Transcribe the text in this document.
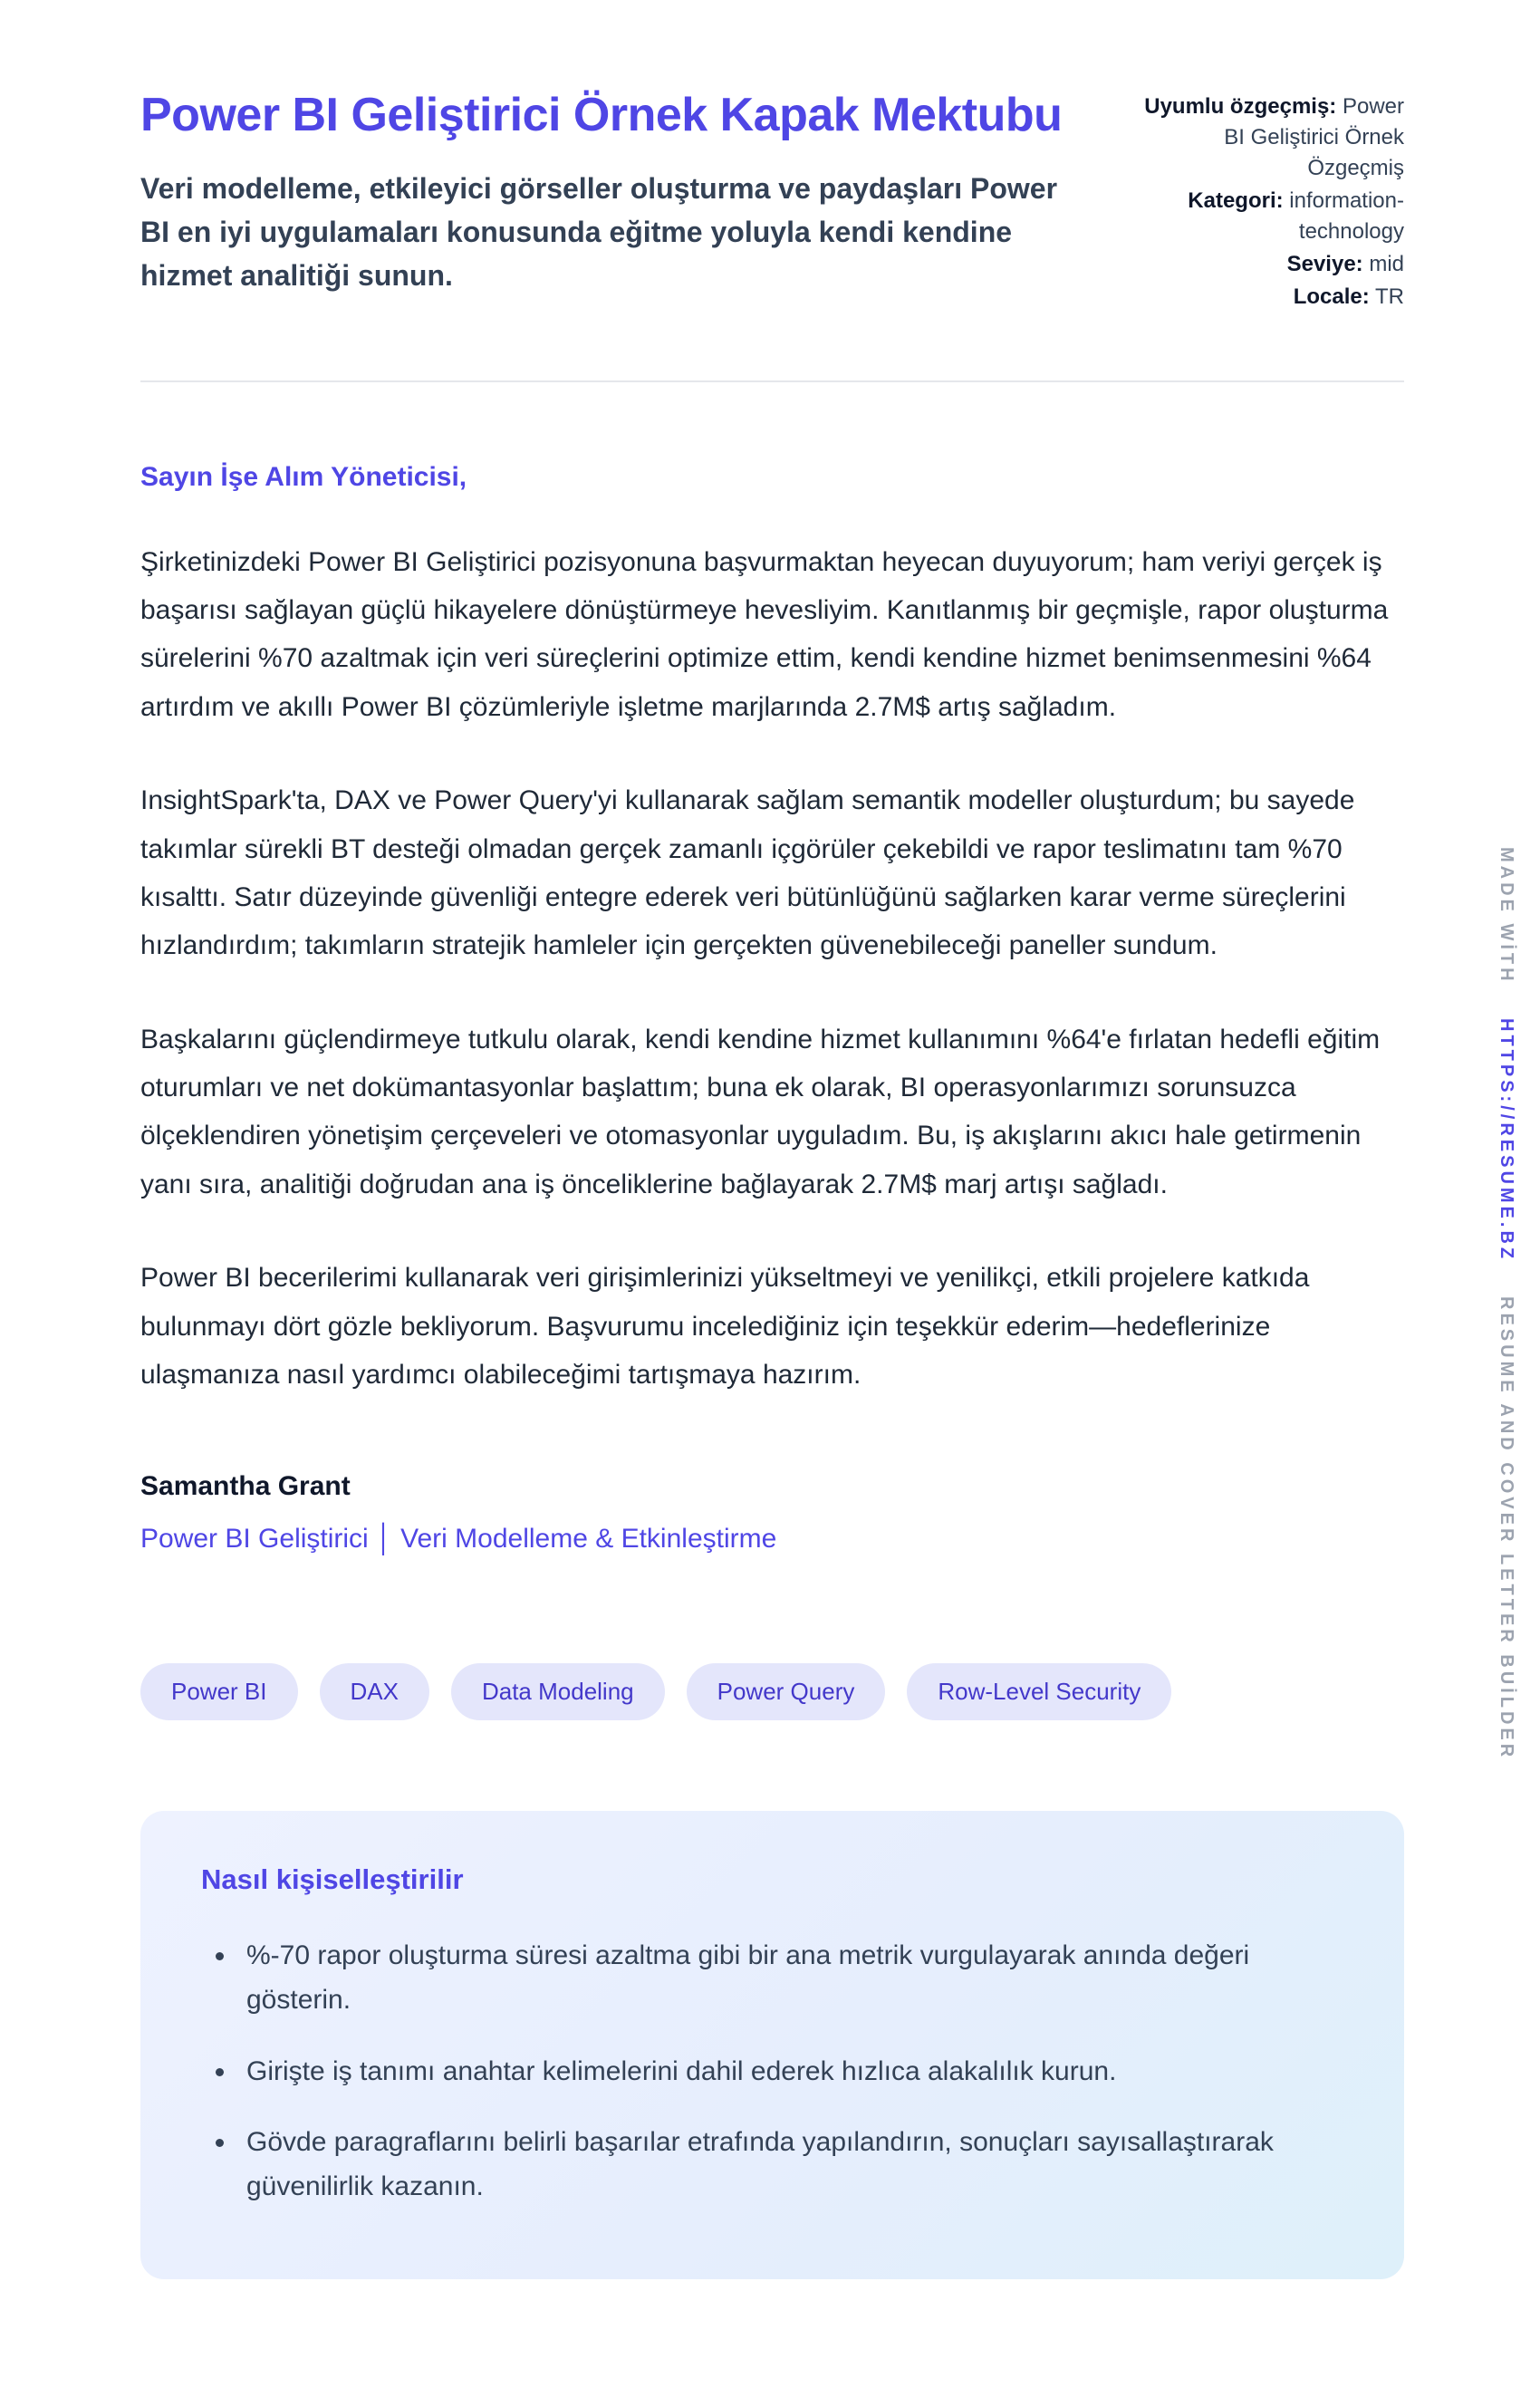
Power BI Geliştirici Örnek Kapak Mektubu

Veri modelleme, etkileyici görseller oluşturma ve paydaşları Power BI en iyi uygulamaları konusunda eğitme yoluyla kendi kendine hizmet analitiği sunun.

Uyumlu özgeçmiş: Power BI Geliştirici Örnek Özgeçmiş
Kategori: information-technology
Seviye: mid
Locale: TR

Sayın İşe Alım Yöneticisi,

Şirketinizdeki Power BI Geliştirici pozisyonuna başvurmaktan heyecan duyuyorum; ham veriyi gerçek iş başarısı sağlayan güçlü hikayelere dönüştürmeye hevesliyim. Kanıtlanmış bir geçmişle, rapor oluşturma sürelerini %70 azaltmak için veri süreçlerini optimize ettim, kendi kendine hizmet benimsenmesini %64 artırdım ve akıllı Power BI çözümleriyle işletme marjlarında 2.7M$ artış sağladım.

InsightSpark'ta, DAX ve Power Query'yi kullanarak sağlam semantik modeller oluşturdum; bu sayede takımlar sürekli BT desteği olmadan gerçek zamanlı içgörüler çekebildi ve rapor teslimatını tam %70 kısalttı. Satır düzeyinde güvenliği entegre ederek veri bütünlüğünü sağlarken karar verme süreçlerini hızlandırdım; takımların stratejik hamleler için gerçekten güvenebileceği paneller sundum.

Başkalarını güçlendirmeye tutkulu olarak, kendi kendine hizmet kullanımını %64'e fırlatan hedefli eğitim oturumları ve net dokümantasyonlar başlattım; buna ek olarak, BI operasyonlarımızı sorunsuzca ölçeklendiren yönetişim çerçeveleri ve otomasyonlar uyguladım. Bu, iş akışlarını akıcı hale getirmenin yanı sıra, analitiği doğrudan ana iş önceliklerine bağlayarak 2.7M$ marj artışı sağladı.

Power BI becerilerimi kullanarak veri girişimlerinizi yükseltmeyi ve yenilikçi, etkili projelere katkıda bulunmayı dört gözle bekliyorum. Başvurumu incelediğiniz için teşekkür ederim—hedeflerinize ulaşmanıza nasıl yardımcı olabileceğimi tartışmaya hazırım.

Samantha Grant

Power BI Geliştirici │ Veri Modelleme & Etkinleştirme

Power BI	DAX	Data Modeling	Power Query	Row-Level Security
Nasıl kişiselleştirilir
• %-70 rapor oluşturma süresi azaltma gibi bir ana metrik vurgulayarak anında değeri gösterin.
• Girişte iş tanımı anahtar kelimelerini dahil ederek hızlıca alakalılık kurun.
• Gövde paragraflarını belirli başarılar etrafında yapılandırın, sonuçları sayısallaştırarak güvenilirlik kazanın.
MADE WİTH HTTPS://RESUME.BZ RESUME AND COVER LETTER BUİLDER
